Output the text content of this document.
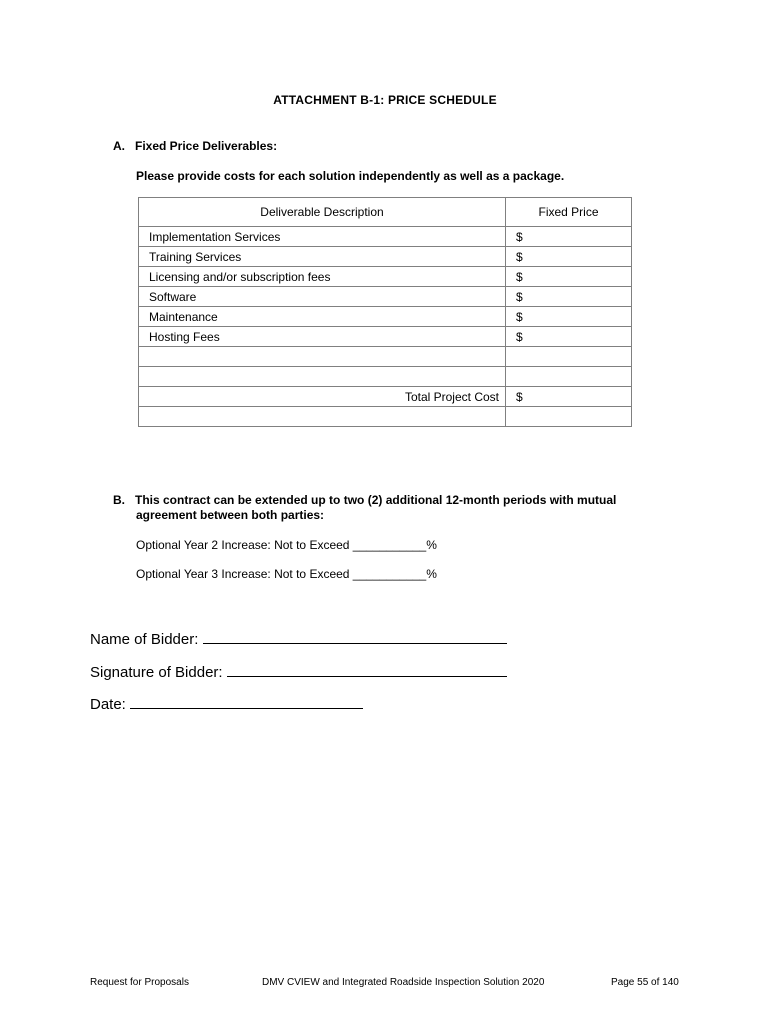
ATTACHMENT B-1: PRICE SCHEDULE
A. Fixed Price Deliverables:
Please provide costs for each solution independently as well as a package.
Deliverable Description	Fixed Price
Implementation Services	$
Training Services	$
Licensing and/or subscription fees	$
Software	$
Maintenance	$
Hosting Fees	$

Total Project Cost	$

B. This contract can be extended up to two (2) additional 12-month periods with mutual
agreement between both parties:
Optional Year 2 Increase: Not to Exceed ___________%
Optional Year 3 Increase: Not to Exceed ___________%
Name of Bidder:
Signature of Bidder:
Date:
Request for Proposals	DMV CVIEW and Integrated Roadside Inspection Solution 2020	Page 55 of 140
